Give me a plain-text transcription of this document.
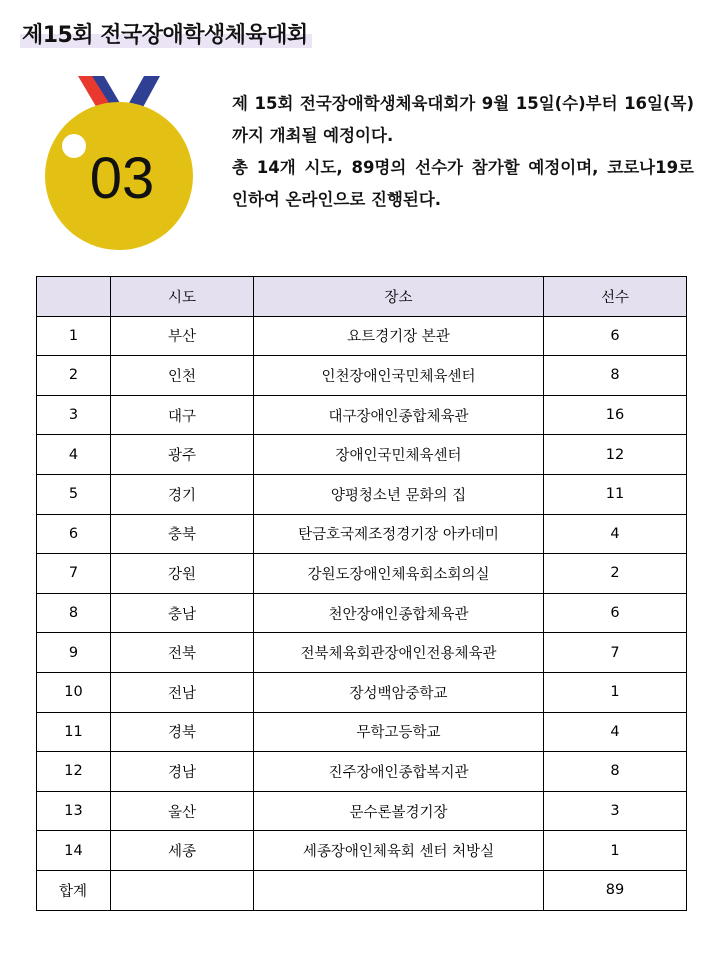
제15회 전국장애학생체육대회
03

제 15회 전국장애학생체육대회가 9월 15일(수)부터 16일(목)까지 개최될 예정이다.

총 14개 시도, 89명의 선수가 참가할 예정이며, 코로나19로 인하여 온라인으로 진행된다.

	시도	장소	선수
1	부산	요트경기장 본관	6
2	인천	인천장애인국민체육센터	8
3	대구	대구장애인종합체육관	16
4	광주	장애인국민체육센터	12
5	경기	양평청소년 문화의 집	11
6	충북	탄금호국제조정경기장 아카데미	4
7	강원	강원도장애인체육회소회의실	2
8	충남	천안장애인종합체육관	6
9	전북	전북체육회관장애인전용체육관	7
10	전남	장성백암중학교	1
11	경북	무학고등학교	4
12	경남	진주장애인종합복지관	8
13	울산	문수론볼경기장	3
14	세종	세종장애인체육회 센터 처방실	1
합계			89
